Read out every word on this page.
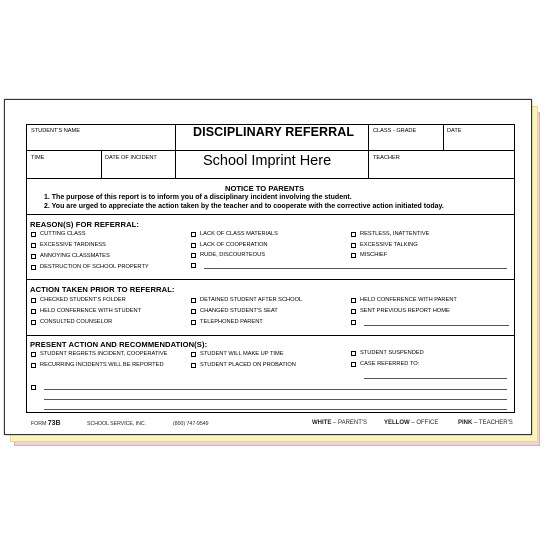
STUDENT'S NAME	DISCIPLINARY REFERRAL	CLASS - GRADE	DATE
TIME	DATE OF INCIDENT	School Imprint Here	TEACHER
NOTICE TO PARENTS
1. The purpose of this report is to inform you of a disciplinary incident involving the student.
2. You are urged to appreciate the action taken by the teacher and to cooperate with the corrective action initiated today.
REASON(S) FOR REFERRAL:
CUTTING CLASS
EXCESSIVE TARDINESS
ANNOYING CLASSMATES
DESTRUCTION OF SCHOOL PROPERTY
LACK OF CLASS MATERIALS
LACK OF COOPERATION
RUDE, DISCOURTEOUS
RESTLESS, INATTENTIVE
EXCESSIVE TALKING
MISCHIEF
ACTION TAKEN PRIOR TO REFERRAL:
CHECKED STUDENT'S FOLDER
HELD CONFERENCE WITH STUDENT
CONSULTED COUNSELOR
DETAINED STUDENT AFTER SCHOOL
CHANGED STUDENT'S SEAT
TELEPHONED PARENT
HELD CONFERENCE WITH PARENT
SENT PREVIOUS REPORT HOME
PRESENT ACTION AND RECOMMENDATION(S):
STUDENT REGRETS INCIDENT, COOPERATIVE
RECURRING INCIDENTS WILL BE REPORTED
STUDENT WILL MAKE UP TIME
STUDENT PLACED ON PROBATION
STUDENT SUSPENDED
CASE REFERRED TO:
FORM 73B	SCHOOL SERVICE, INC.	(800) 747-9549	WHITE – PARENT'S	YELLOW – OFFICE	PINK – TEACHER'S
